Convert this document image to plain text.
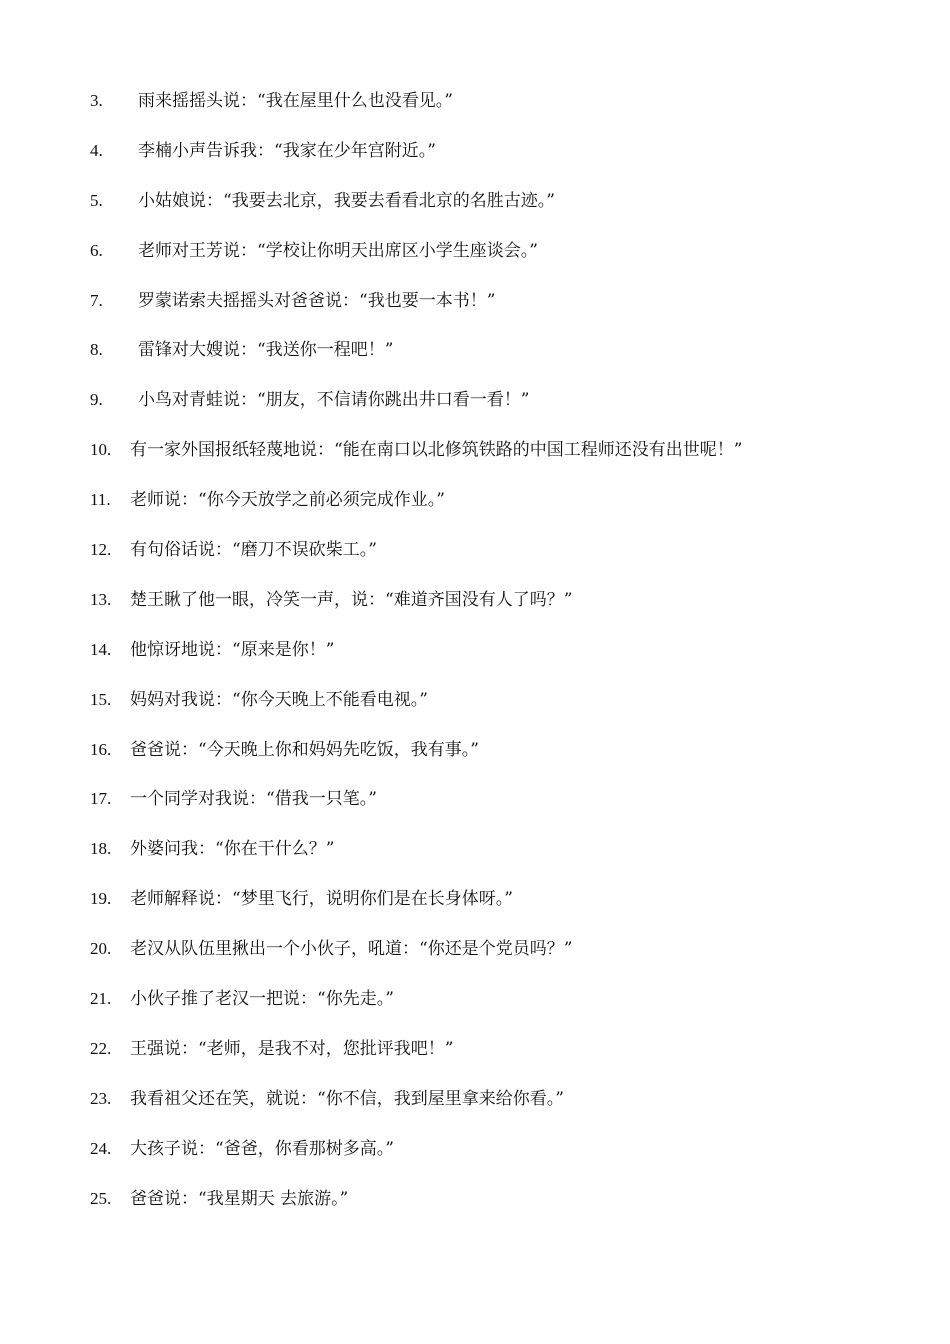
3.	雨来摇摇头说：“我在屋里什么也没看见。”
4.	李楠小声告诉我：“我家在少年宫附近。”
5.	小姑娘说：“我要去北京，我要去看看北京的名胜古迹。”
6.	老师对王芳说：“学校让你明天出席区小学生座谈会。”
7.	罗蒙诺索夫摇摇头对爸爸说：“我也要一本书！”
8.	雷锋对大嫂说：“我送你一程吧！”
9.	小鸟对青蛙说：“朋友，不信请你跳出井口看一看！”
10.	有一家外国报纸轻蔑地说：“能在南口以北修筑铁路的中国工程师还没有出世呢！”
11.	老师说：“你今天放学之前必须完成作业。”
12.	有句俗话说：“磨刀不误砍柴工。”
13.	楚王瞅了他一眼，冷笑一声，说：“难道齐国没有人了吗？”
14.	他惊讶地说：“原来是你！”
15.	妈妈对我说：“你今天晚上不能看电视。”
16.	爸爸说：“今天晚上你和妈妈先吃饭，我有事。”
17.	一个同学对我说：“借我一只笔。”
18.	外婆问我：“你在干什么？”
19.	老师解释说：“梦里飞行，说明你们是在长身体呀。”
20.	老汉从队伍里揪出一个小伙子，吼道：“你还是个党员吗？”
21.	小伙子推了老汉一把说：“你先走。”
22.	王强说：“老师，是我不对，您批评我吧！”
23.	我看祖父还在笑，就说：“你不信，我到屋里拿来给你看。”
24.	大孩子说：“爸爸，你看那树多高。”
25.	爸爸说：“我星期天 去旅游。”
